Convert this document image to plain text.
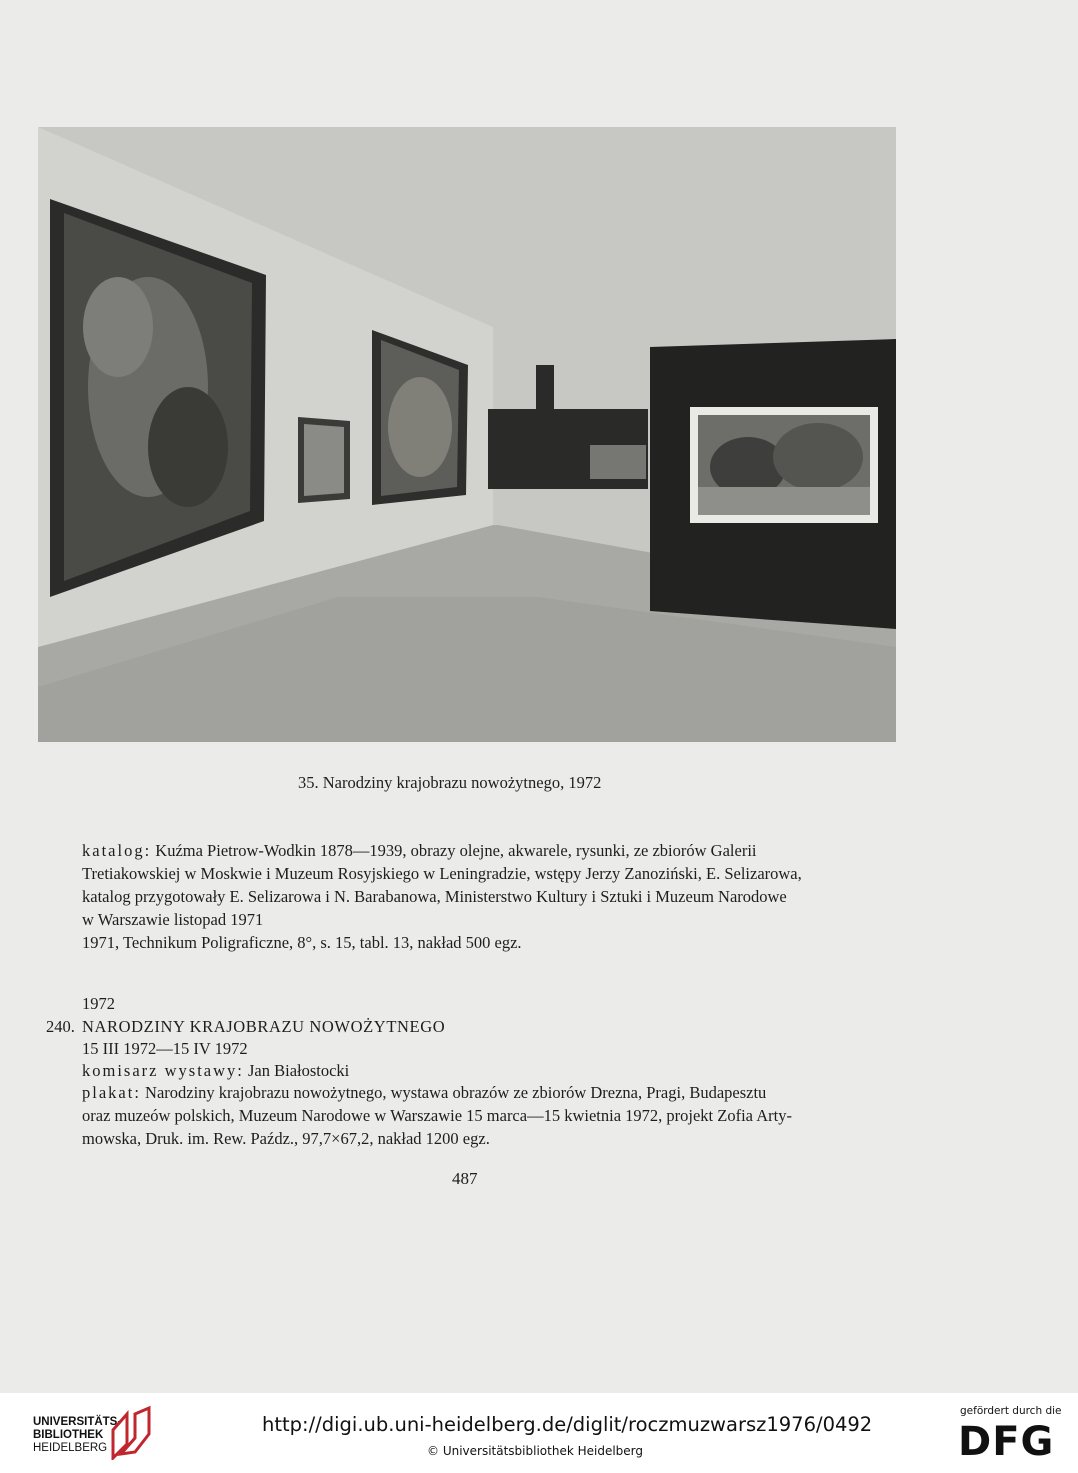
35. Narodziny krajobrazu nowożytnego, 1972
katalog: Kuźma Pietrow-Wodkin 1878—1939, obrazy olejne, akwarele, rysunki, ze zbiorów Galerii
Tretiakowskiej w Moskwie i Muzeum Rosyjskiego w Leningradzie, wstępy Jerzy Zanoziński, E. Selizarowa,
katalog przygotowały E. Selizarowa i N. Barabanowa, Ministerstwo Kultury i Sztuki i Muzeum Narodowe
w Warszawie listopad 1971
1971, Technikum Poligraficzne, 8°, s. 15, tabl. 13, nakład 500 egz.
1972
240. NARODZINY KRAJOBRAZU NOWOŻYTNEGO
15 III 1972—15 IV 1972
komisarz wystawy: Jan Białostocki
plakat: Narodziny krajobrazu nowożytnego, wystawa obrazów ze zbiorów Drezna, Pragi, Budapesztu
oraz muzeów polskich, Muzeum Narodowe w Warszawie 15 marca—15 kwietnia 1972, projekt Zofia Arty-
mowska, Druk. im. Rew. Paźdz., 97,7×67,2, nakład 1200 egz.
487
UNIVERSITÄTS-
BIBLIOTHEK
HEIDELBERG
http://digi.ub.uni-heidelberg.de/diglit/roczmuzwarsz1976/0492
© Universitätsbibliothek Heidelberg
gefördert durch die
DFG
